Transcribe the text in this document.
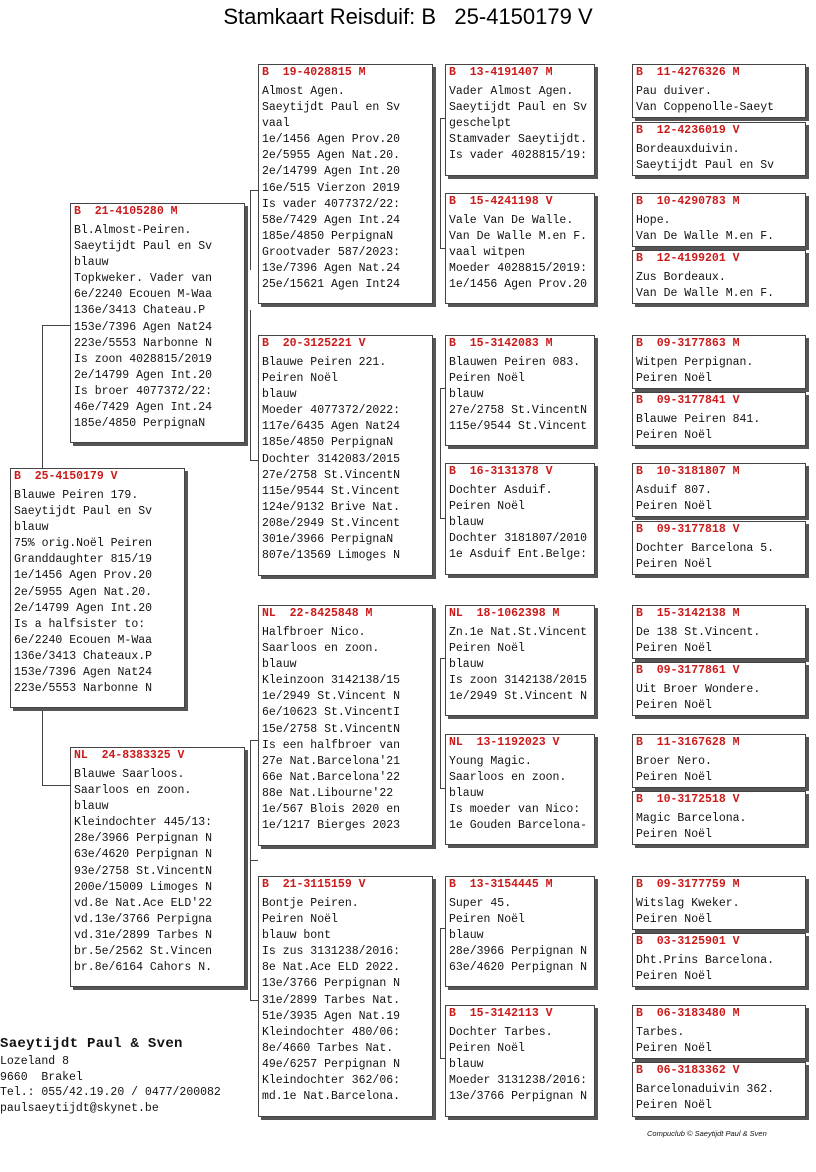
Stamkaart Reisduif: B   25-4150179 V
B  25-4150179 V
Blauwe Peiren 179.
Saeytijdt Paul en Sv
blauw
75% orig.Noël Peiren
Granddaughter 815/19
1e/1456 Agen Prov.20
2e/5955 Agen Nat.20.
2e/14799 Agen Int.20
Is a halfsister to:
6e/2240 Ecouen M-Waa
136e/3413 Chateaux.P
153e/7396 Agen Nat24
223e/5553 Narbonne N
B  21-4105280 M
Bl.Almost-Peiren.
Saeytijdt Paul en Sv
blauw
Topkweker. Vader van
6e/2240 Ecouen M-Waa
136e/3413 Chateau.P
153e/7396 Agen Nat24
223e/5553 Narbonne N
Is zoon 4028815/2019
2e/14799 Agen Int.20
Is broer 4077372/22:
46e/7429 Agen Int.24
185e/4850 PerpignaN
NL  24-8383325 V
Blauwe Saarloos.
Saarloos en zoon.
blauw
Kleindochter 445/13:
28e/3966 Perpignan N
63e/4620 Perpignan N
93e/2758 St.VincentN
200e/15009 Limoges N
vd.8e Nat.Ace ELD'22
vd.13e/3766 Perpigna
vd.31e/2899 Tarbes N
br.5e/2562 St.Vincen
br.8e/6164 Cahors N.
B  19-4028815 M
Almost Agen.
Saeytijdt Paul en Sv
vaal
1e/1456 Agen Prov.20
2e/5955 Agen Nat.20.
2e/14799 Agen Int.20
16e/515 Vierzon 2019
Is vader 4077372/22:
58e/7429 Agen Int.24
185e/4850 PerpignaN
Grootvader 587/2023:
13e/7396 Agen Nat.24
25e/15621 Agen Int24
B  20-3125221 V
Blauwe Peiren 221.
Peiren Noël
blauw
Moeder 4077372/2022:
117e/6435 Agen Nat24
185e/4850 PerpignaN
Dochter 3142083/2015
27e/2758 St.VincentN
115e/9544 St.Vincent
124e/9132 Brive Nat.
208e/2949 St.Vincent
301e/3966 PerpignaN
807e/13569 Limoges N
NL  22-8425848 M
Halfbroer Nico.
Saarloos en zoon.
blauw
Kleinzoon 3142138/15
1e/2949 St.Vincent N
6e/10623 St.VincentI
15e/2758 St.VincentN
Is een halfbroer van
27e Nat.Barcelona'21
66e Nat.Barcelona'22
88e Nat.Libourne'22
1e/567 Blois 2020 en
1e/1217 Bierges 2023
B  21-3115159 V
Bontje Peiren.
Peiren Noël
blauw bont
Is zus 3131238/2016:
8e Nat.Ace ELD 2022.
13e/3766 Perpignan N
31e/2899 Tarbes Nat.
51e/3935 Agen Nat.19
Kleindochter 480/06:
8e/4660 Tarbes Nat.
49e/6257 Perpignan N
Kleindochter 362/06:
md.1e Nat.Barcelona.
B  13-4191407 M
Vader Almost Agen.
Saeytijdt Paul en Sv
geschelpt
Stamvader Saeytijdt.
Is vader 4028815/19:
B  15-4241198 V
Vale Van De Walle.
Van De Walle M.en F.
vaal witpen
Moeder 4028815/2019:
1e/1456 Agen Prov.20
B  15-3142083 M
Blauwen Peiren 083.
Peiren Noël
blauw
27e/2758 St.VincentN
115e/9544 St.Vincent
B  16-3131378 V
Dochter Asduif.
Peiren Noël
blauw
Dochter 3181807/2010
1e Asduif Ent.Belge:
NL  18-1062398 M
Zn.1e Nat.St.Vincent
Peiren Noël
blauw
Is zoon 3142138/2015
1e/2949 St.Vincent N
NL  13-1192023 V
Young Magic.
Saarloos en zoon.
blauw
Is moeder van Nico:
1e Gouden Barcelona-
B  13-3154445 M
Super 45.
Peiren Noël
blauw
28e/3966 Perpignan N
63e/4620 Perpignan N
B  15-3142113 V
Dochter Tarbes.
Peiren Noël
blauw
Moeder 3131238/2016:
13e/3766 Perpignan N
B  11-4276326 M
Pau duiver.
Van Coppenolle-Saeyt
B  12-4236019 V
Bordeauxduivin.
Saeytijdt Paul en Sv
B  10-4290783 M
Hope.
Van De Walle M.en F.
B  12-4199201 V
Zus Bordeaux.
Van De Walle M.en F.
B  09-3177863 M
Witpen Perpignan.
Peiren Noël
B  09-3177841 V
Blauwe Peiren 841.
Peiren Noël
B  10-3181807 M
Asduif 807.
Peiren Noël
B  09-3177818 V
Dochter Barcelona 5.
Peiren Noël
B  15-3142138 M
De 138 St.Vincent.
Peiren Noël
B  09-3177861 V
Uit Broer Wondere.
Peiren Noël
B  11-3167628 M
Broer Nero.
Peiren Noël
B  10-3172518 V
Magic Barcelona.
Peiren Noël
B  09-3177759 M
Witslag Kweker.
Peiren Noël
B  03-3125901 V
Dht.Prins Barcelona.
Peiren Noël
B  06-3183480 M
Tarbes.
Peiren Noël
B  06-3183362 V
Barcelonaduivin 362.
Peiren Noël
Saeytijdt Paul & Sven
Lozeland 8
9660  Brakel
Tel.: 055/42.19.20 / 0477/200082
paulsaeytijdt@skynet.be
Compuclub © Saeytijdt Paul & Sven
